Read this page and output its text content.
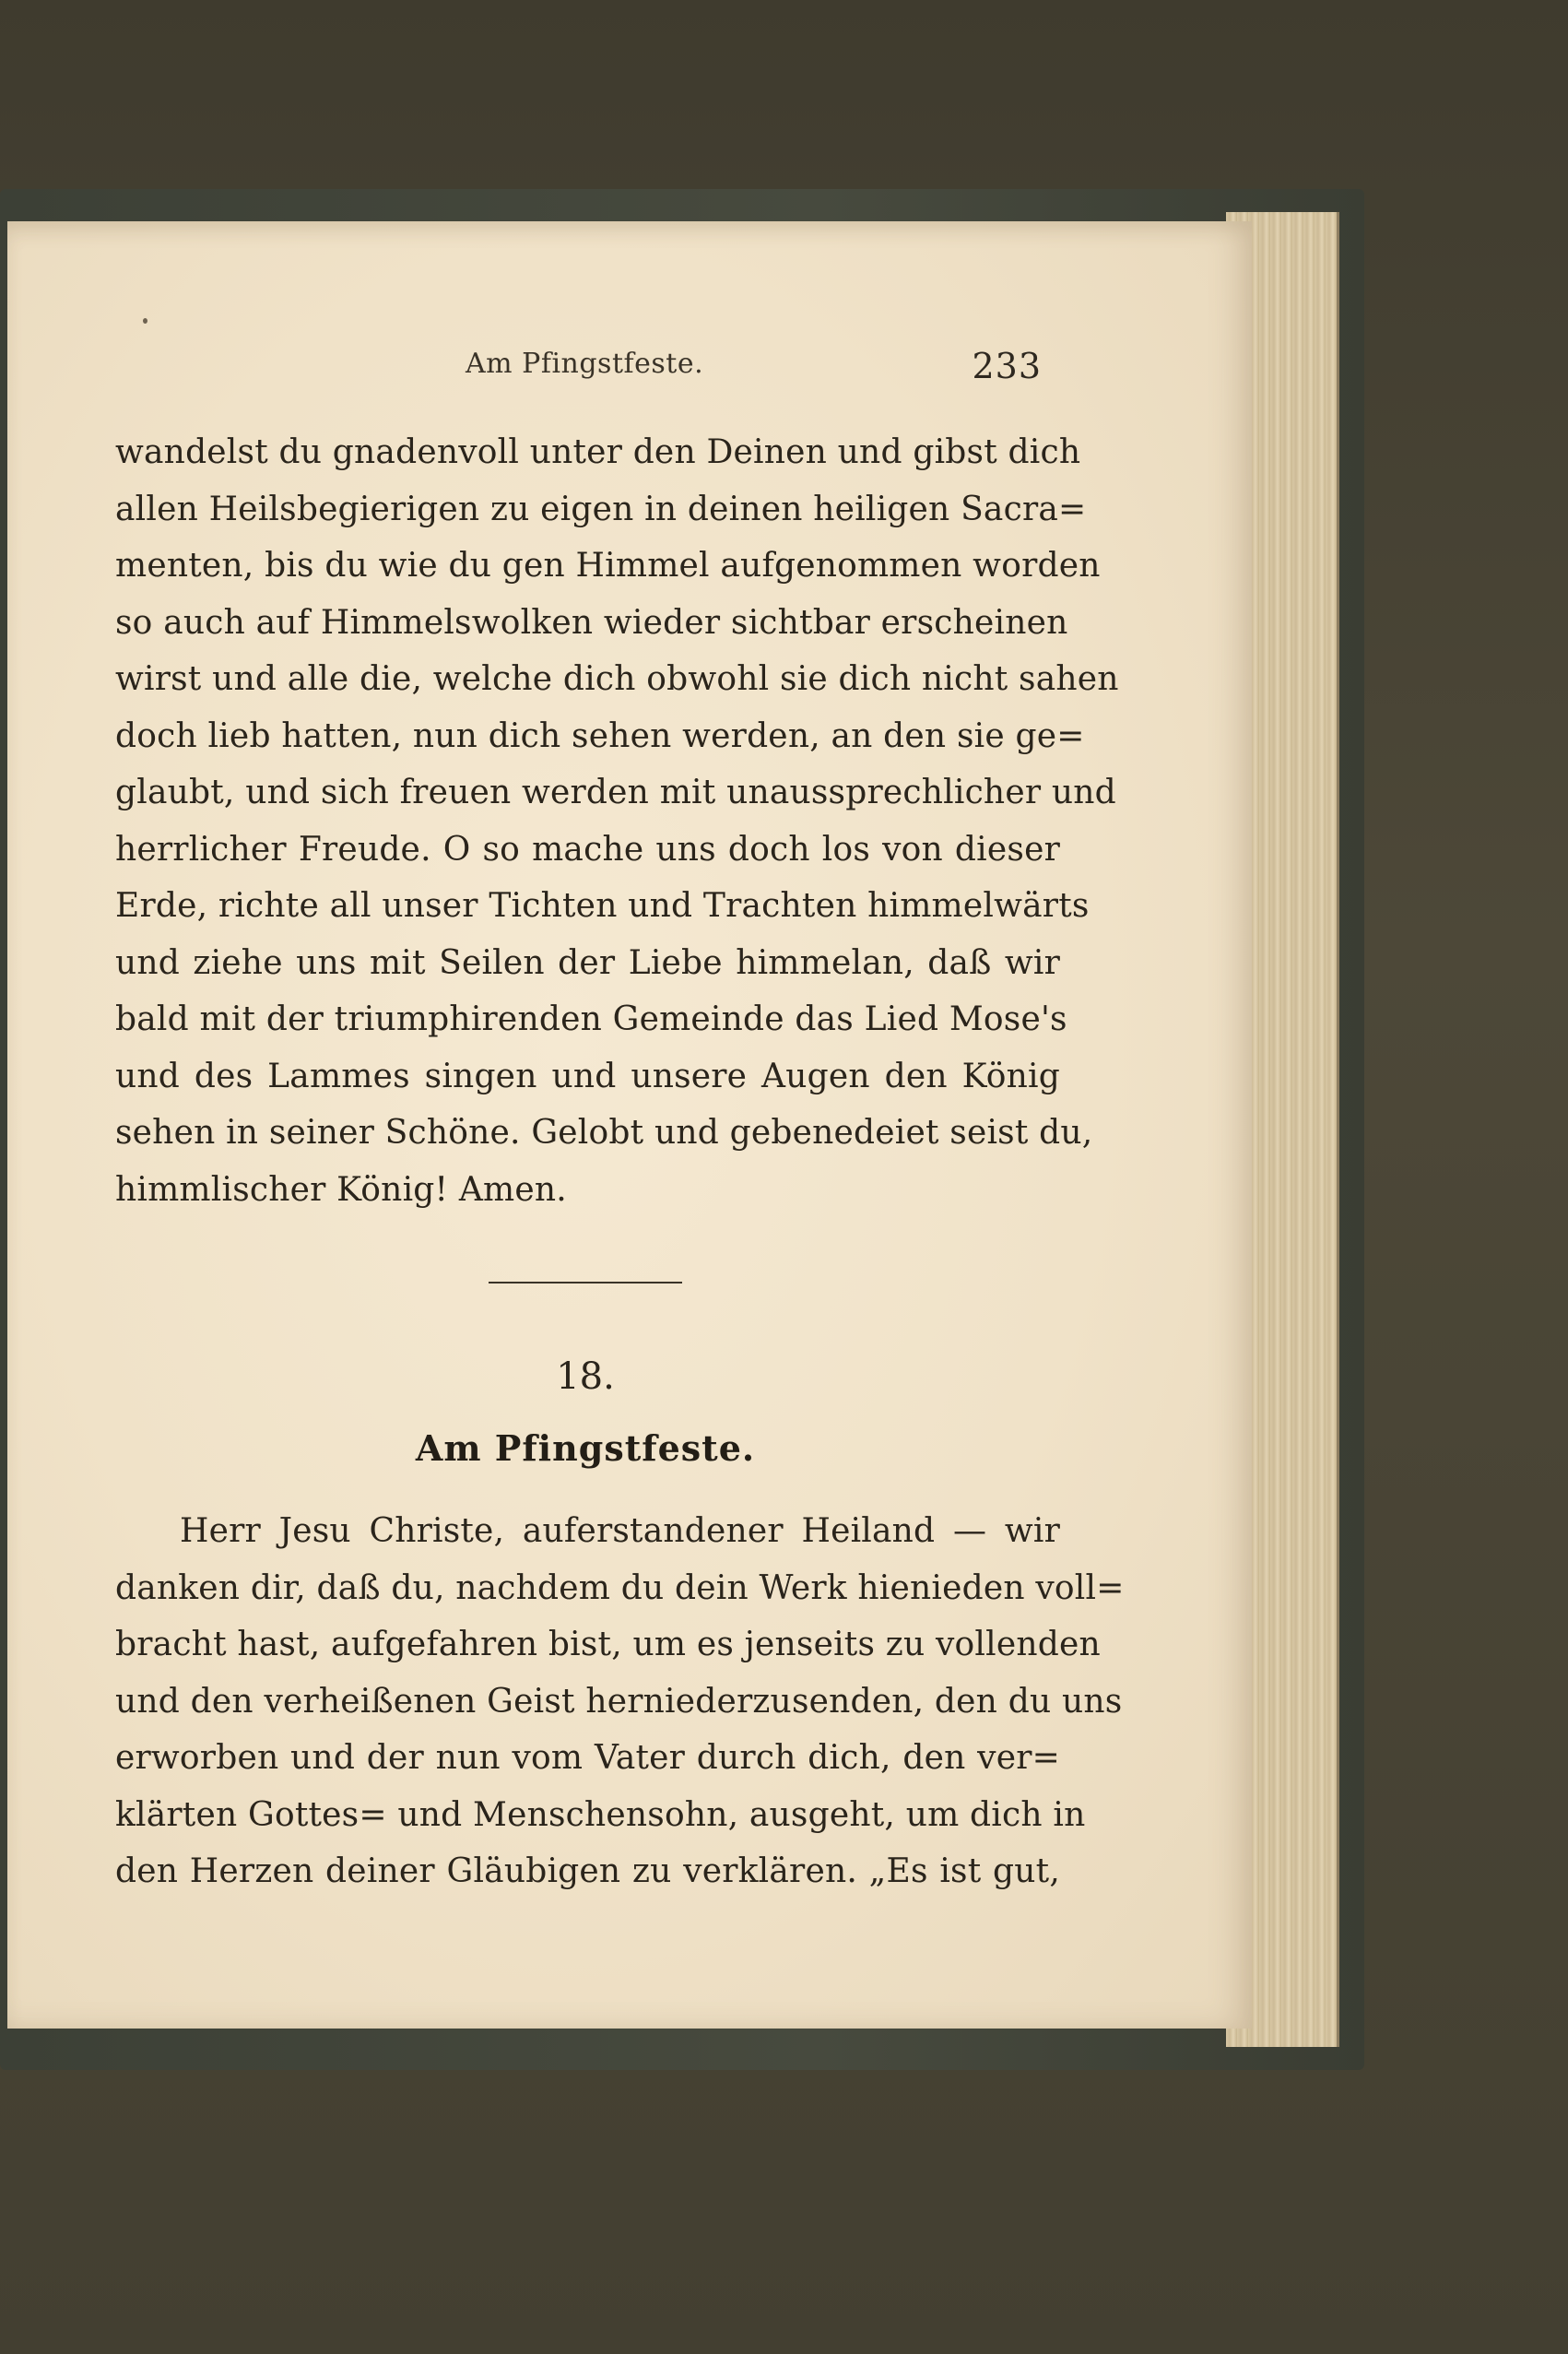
Am Pfingstfeste.	233
wandelst du gnadenvoll unter den Deinen und gibst dich
allen Heilsbegierigen zu eigen in deinen heiligen Sacra=
menten, bis du wie du gen Himmel aufgenommen worden
so auch auf Himmelswolken wieder sichtbar erscheinen
wirst und alle die, welche dich obwohl sie dich nicht sahen
doch lieb hatten, nun dich sehen werden, an den sie ge=
glaubt, und sich freuen werden mit unaussprechlicher und
herrlicher Freude. O so mache uns doch los von dieser
Erde, richte all unser Tichten und Trachten himmelwärts
und ziehe uns mit Seilen der Liebe himmelan, daß wir
bald mit der triumphirenden Gemeinde das Lied Mose's
und des Lammes singen und unsere Augen den König
sehen in seiner Schöne. Gelobt und gebenedeiet seist du,
himmlischer König! Amen.
18.
Am Pfingstfeste.
Herr Jesu Christe, auferstandener Heiland — wir
danken dir, daß du, nachdem du dein Werk hienieden voll=
bracht hast, aufgefahren bist, um es jenseits zu vollenden
und den verheißenen Geist herniederzusenden, den du uns
erworben und der nun vom Vater durch dich, den ver=
klärten Gottes= und Menschensohn, ausgeht, um dich in
den Herzen deiner Gläubigen zu verklären. „Es ist gut,
